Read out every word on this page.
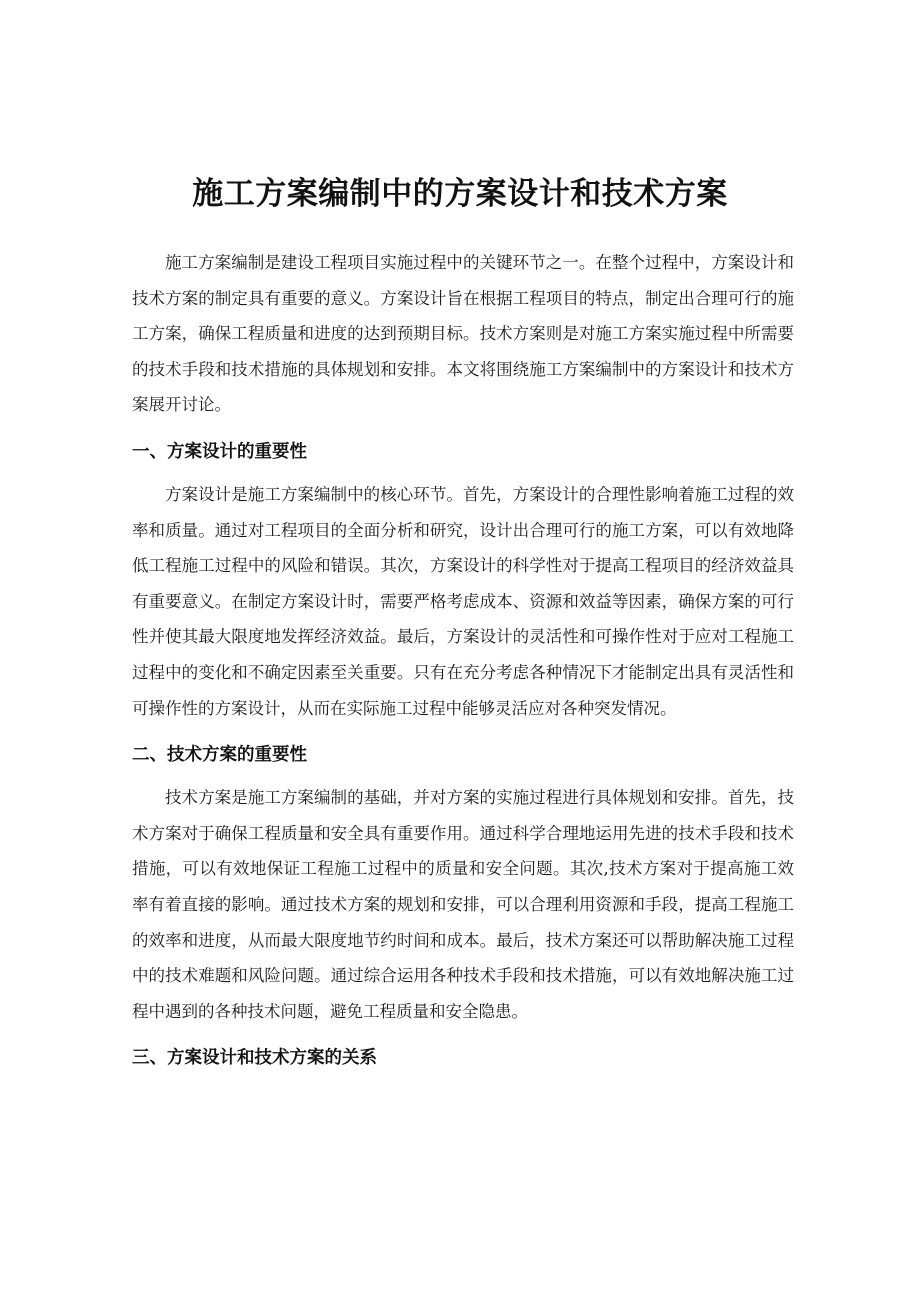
施工方案编制中的方案设计和技术方案

施工方案编制是建设工程项目实施过程中的关键环节之一。在整个过程中，方案设计和技术方案的制定具有重要的意义。方案设计旨在根据工程项目的特点，制定出合理可行的施工方案，确保工程质量和进度的达到预期目标。技术方案则是对施工方案实施过程中所需要的技术手段和技术措施的具体规划和安排。本文将围绕施工方案编制中的方案设计和技术方案展开讨论。

一、方案设计的重要性

方案设计是施工方案编制中的核心环节。首先，方案设计的合理性影响着施工过程的效率和质量。通过对工程项目的全面分析和研究，设计出合理可行的施工方案，可以有效地降低工程施工过程中的风险和错误。其次，方案设计的科学性对于提高工程项目的经济效益具有重要意义。在制定方案设计时，需要严格考虑成本、资源和效益等因素，确保方案的可行性并使其最大限度地发挥经济效益。最后，方案设计的灵活性和可操作性对于应对工程施工过程中的变化和不确定因素至关重要。只有在充分考虑各种情况下才能制定出具有灵活性和可操作性的方案设计，从而在实际施工过程中能够灵活应对各种突发情况。

二、技术方案的重要性

技术方案是施工方案编制的基础，并对方案的实施过程进行具体规划和安排。首先，技术方案对于确保工程质量和安全具有重要作用。通过科学合理地运用先进的技术手段和技术措施，可以有效地保证工程施工过程中的质量和安全问题。其次,技术方案对于提高施工效率有着直接的影响。通过技术方案的规划和安排，可以合理利用资源和手段，提高工程施工的效率和进度，从而最大限度地节约时间和成本。最后，技术方案还可以帮助解决施工过程中的技术难题和风险问题。通过综合运用各种技术手段和技术措施，可以有效地解决施工过程中遇到的各种技术问题，避免工程质量和安全隐患。

三、方案设计和技术方案的关系
